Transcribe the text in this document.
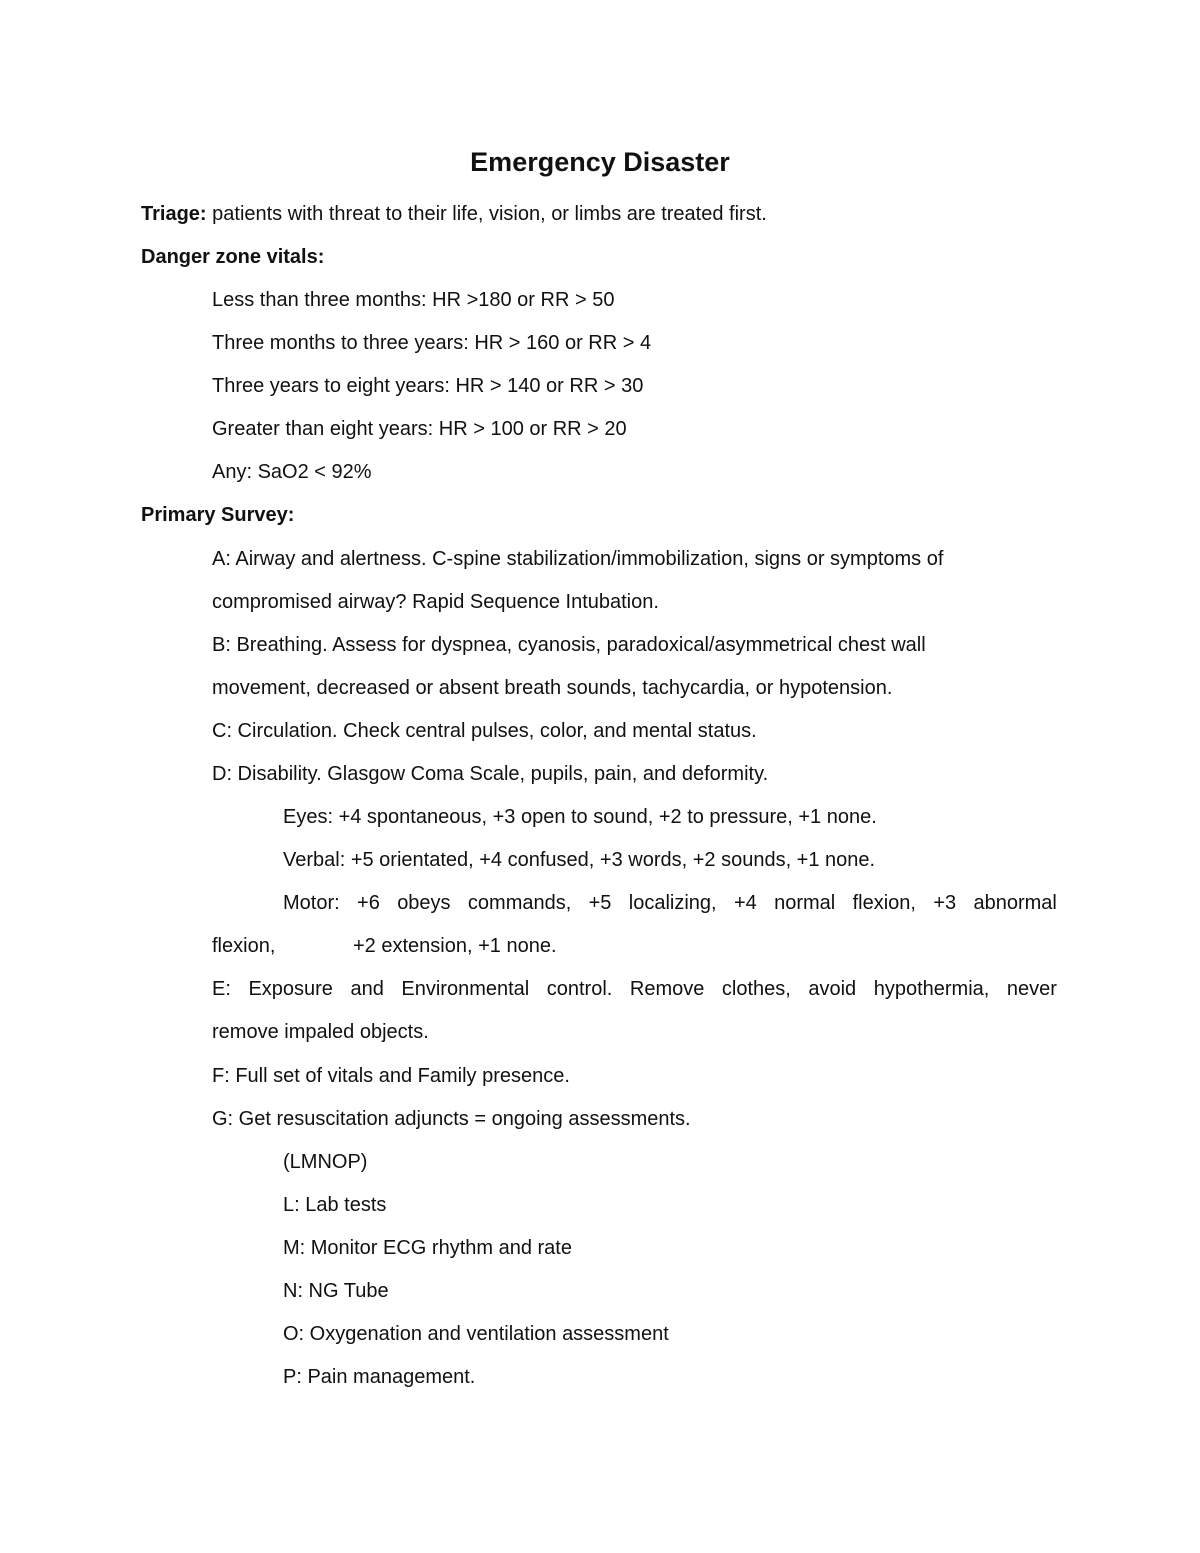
Emergency Disaster

Triage: patients with threat to their life, vision, or limbs are treated first.

Danger zone vitals:

Less than three months: HR >180 or RR > 50

Three months to three years: HR > 160 or RR > 4

Three years to eight years: HR > 140 or RR > 30

Greater than eight years: HR > 100 or RR > 20

Any: SaO2 < 92%

Primary Survey:

A: Airway and alertness. C-spine stabilization/immobilization, signs or symptoms of

compromised airway? Rapid Sequence Intubation.

B: Breathing. Assess for dyspnea, cyanosis, paradoxical/asymmetrical chest wall

movement, decreased or absent breath sounds, tachycardia, or hypotension.

C: Circulation. Check central pulses, color, and mental status.

D: Disability. Glasgow Coma Scale, pupils, pain, and deformity.

Eyes: +4 spontaneous, +3 open to sound, +2 to pressure, +1 none.

Verbal: +5 orientated, +4 confused, +3 words, +2 sounds, +1 none.

Motor: +6 obeys commands, +5 localizing, +4 normal flexion, +3 abnormal

flexion,	+2 extension, +1 none.

E: Exposure and Environmental control. Remove clothes, avoid hypothermia, never

remove impaled objects.

F: Full set of vitals and Family presence.

G: Get resuscitation adjuncts = ongoing assessments.

(LMNOP)

L: Lab tests

M: Monitor ECG rhythm and rate

N: NG Tube

O: Oxygenation and ventilation assessment

P: Pain management.
